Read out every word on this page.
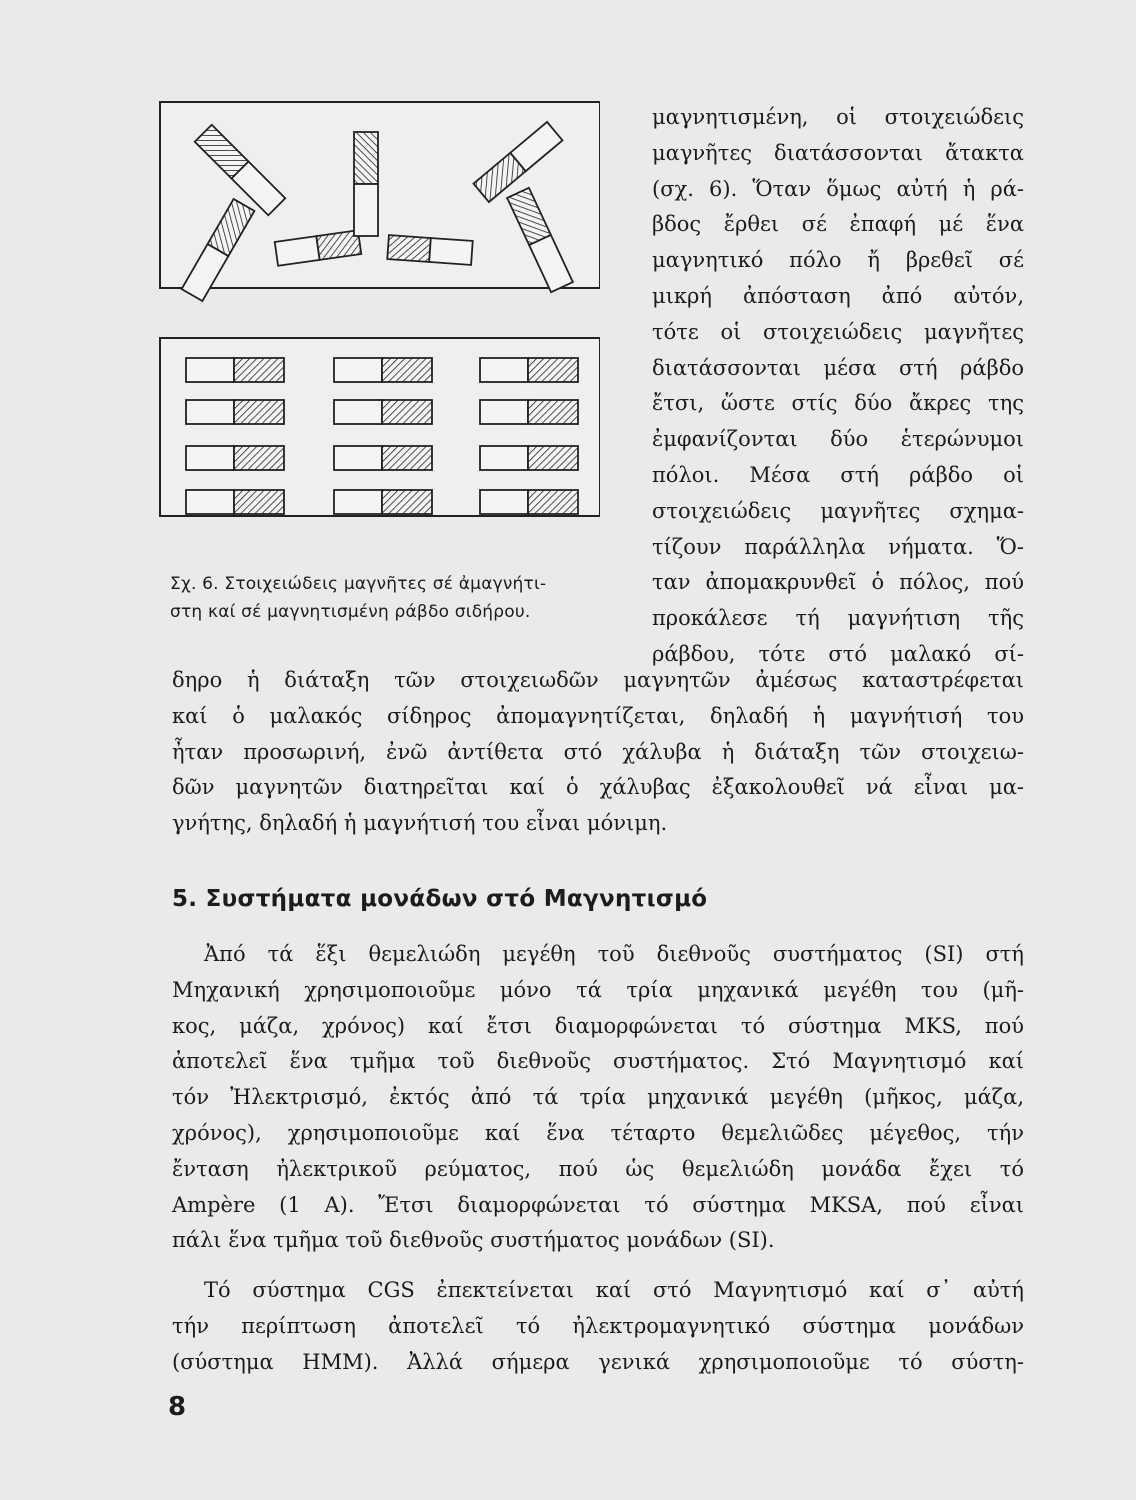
Σχ. 6. Στοιχειώδεις μαγνῆτες σέ ἀμαγνήτι-
στη καί σέ μαγνητισμένη ράβδο σιδήρου.
μαγνητισμένη, οἱ στοιχειώδεις
μαγνῆτες διατάσσονται ἄτακτα
(σχ. 6). Ὅταν ὅμως αὐτή ἡ ρά-
βδος ἔρθει σέ ἐπαφή μέ ἕνα
μαγνητικό πόλο ἤ βρεθεῖ σέ
μικρή ἀπόσταση ἀπό αὐτόν,
τότε οἱ στοιχειώδεις μαγνῆτες
διατάσσονται μέσα στή ράβδο
ἔτσι, ὥστε στίς δύο ἄκρες της
ἐμφανίζονται δύο ἑτερώνυμοι
πόλοι. Μέσα στή ράβδο οἱ
στοιχειώδεις μαγνῆτες σχημα-
τίζουν παράλληλα νήματα. Ὅ-
ταν ἀπομακρυνθεῖ ὁ πόλος, πού
προκάλεσε τή μαγνήτιση τῆς
ράβδου, τότε στό μαλακό σί-
δηρο ἡ διάταξη τῶν στοιχειωδῶν μαγνητῶν ἀμέσως καταστρέφεται
καί ὁ μαλακός σίδηρος ἀπομαγνητίζεται, δηλαδή ἡ μαγνήτισή του
ἦταν προσωρινή, ἐνῶ ἀντίθετα στό χάλυβα ἡ διάταξη τῶν στοιχειω-
δῶν μαγνητῶν διατηρεῖται καί ὁ χάλυβας ἐξακολουθεῖ νά εἶναι μα-
γνήτης, δηλαδή ἡ μαγνήτισή του εἶναι μόνιμη.
5. Συστήματα μονάδων στό Μαγνητισμό
Ἀπό τά ἕξι θεμελιώδη μεγέθη τοῦ διεθνοῦς συστήματος (SI) στή
Μηχανική χρησιμοποιοῦμε μόνο τά τρία μηχανικά μεγέθη του (μῆ-
κος, μάζα, χρόνος) καί ἔτσι διαμορφώνεται τό σύστημα MKS, πού
ἀποτελεῖ ἕνα τμῆμα τοῦ διεθνοῦς συστήματος. Στό Μαγνητισμό καί
τόν Ἠλεκτρισμό, ἐκτός ἀπό τά τρία μηχανικά μεγέθη (μῆκος, μάζα,
χρόνος), χρησιμοποιοῦμε καί ἕνα τέταρτο θεμελιῶδες μέγεθος, τήν
ἔνταση ἠλεκτρικοῦ ρεύματος, πού ὡς θεμελιώδη μονάδα ἔχει τό
Ampère (1 A). Ἔτσι διαμορφώνεται τό σύστημα MKSA, πού εἶναι
πάλι ἕνα τμῆμα τοῦ διεθνοῦς συστήματος μονάδων (SI).
Τό σύστημα CGS ἐπεκτείνεται καί στό Μαγνητισμό καί σ᾿ αὐτή
τήν περίπτωση ἀποτελεῖ τό ἠλεκτρομαγνητικό σύστημα μονάδων
(σύστημα HMM). Ἀλλά σήμερα γενικά χρησιμοποιοῦμε τό σύστη-
8
